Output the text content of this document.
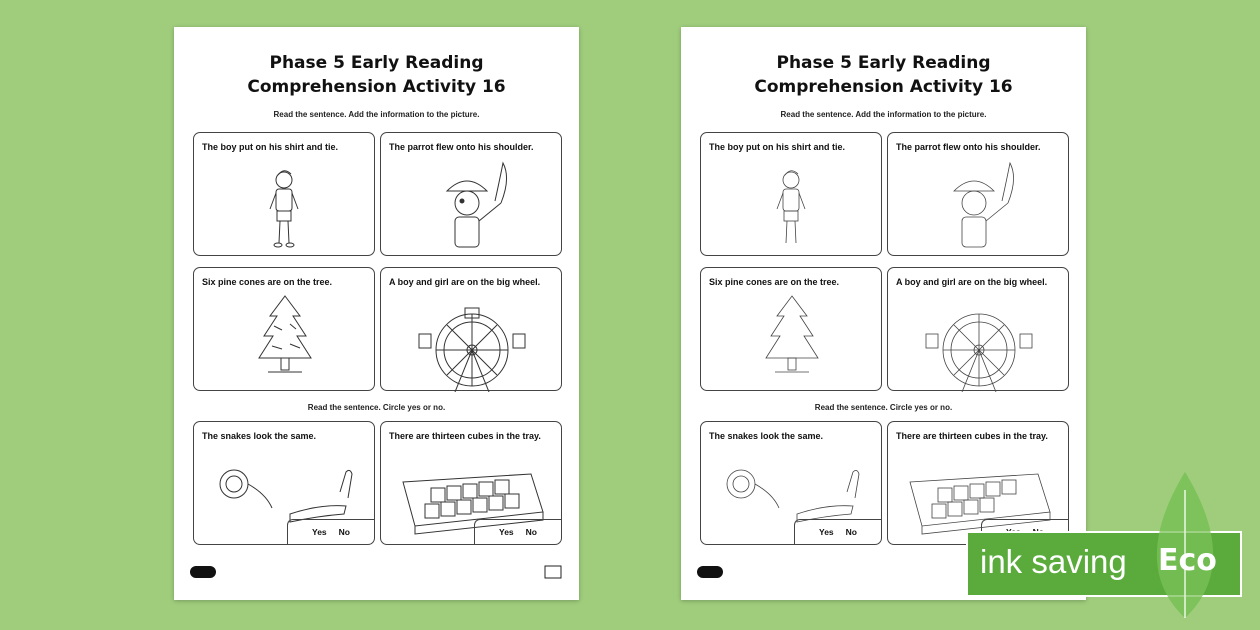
Phase 5 Early Reading
Comprehension Activity 16
Read the sentence. Add the information to the picture.
The boy put on his shirt and tie.	The parrot flew onto his shoulder.
Six pine cones are on the tree.	A boy and girl are on the big wheel.
Read the sentence. Circle yes or no.
The snakes look the same.
Yes No
There are thirteen cubes in the tray.
Yes No
Phase 5 Early Reading
Comprehension Activity 16
Read the sentence. Add the information to the picture.
The boy put on his shirt and tie.	The parrot flew onto his shoulder.
Six pine cones are on the tree.	A boy and girl are on the big wheel.
Read the sentence. Circle yes or no.
The snakes look the same.
Yes No
There are thirteen cubes in the tray.
ink saving Eco
